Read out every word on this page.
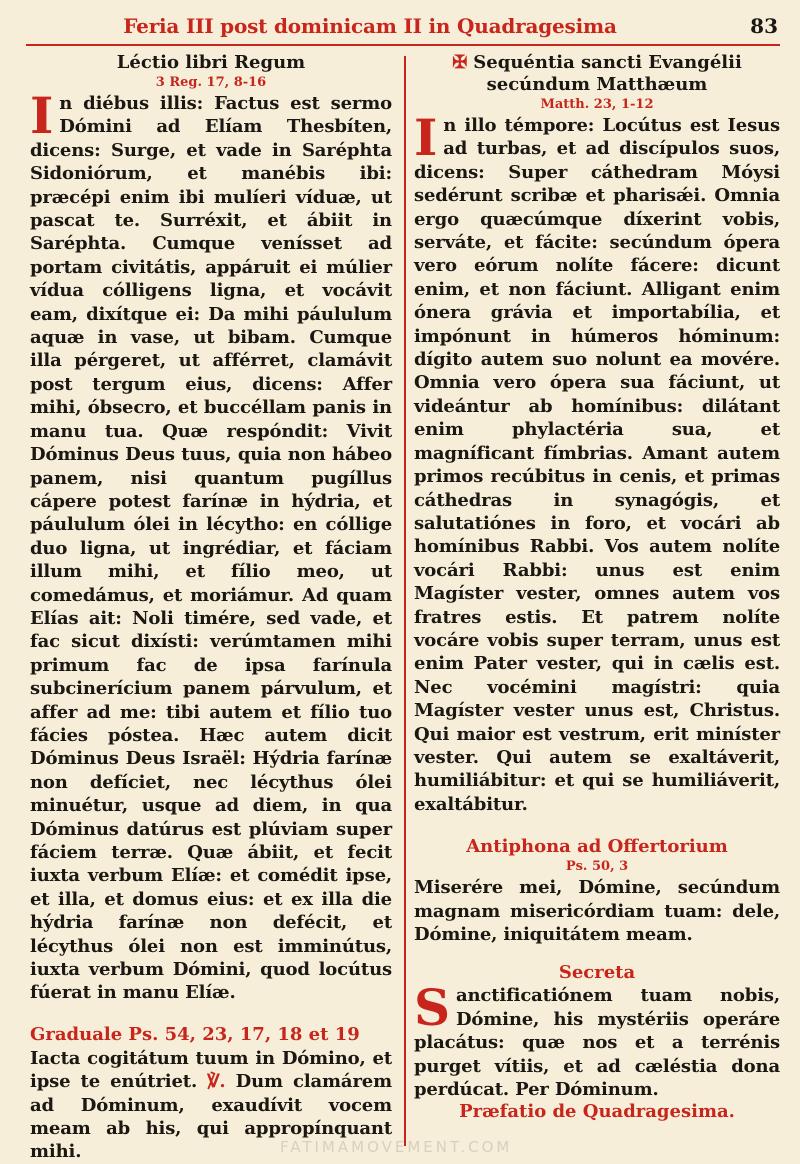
Feria III post dominicam II in Quadragesima	83
Léctio libri Regum
3 Reg. 17, 8-16
In diébus illis: Factus est sermo Dómini ad Elíam Thesbíten, dicens: Surge, et vade in Saréphta Sidoniórum, et manébis ibi: præcépi enim ibi mulíeri víduæ, ut pascat te. Surréxit, et ábiit in Saréphta. Cumque venísset ad portam civitátis, appáruit ei múlier vídua cólligens ligna, et vocávit eam, dixítque ei: Da mihi páululum aquæ in vase, ut bibam. Cumque illa pérgeret, ut afférret, clamávit post tergum eius, dicens: Affer mihi, óbsecro, et buccéllam panis in manu tua. Quæ respóndit: Vivit Dóminus Deus tuus, quia non hábeo panem, nisi quantum pugíllus cápere potest farínæ in hýdria, et páululum ólei in lécytho: en cóllige duo ligna, ut ingrédiar, et fáciam illum mihi, et fílio meo, ut comedámus, et moriámur. Ad quam Elías ait: Noli timére, sed vade, et fac sicut dixísti: verúmtamen mihi primum fac de ipsa farínula subcinerícium panem párvulum, et affer ad me: tibi autem et fílio tuo fácies póstea. Hæc autem dicit Dóminus Deus Israël: Hýdria farínæ non defíciet, nec lécythus ólei minuétur, usque ad diem, in qua Dóminus datúrus est plúviam super fáciem terræ. Quæ ábiit, et fecit iuxta verbum Elíæ: et comédit ipse, et illa, et domus eius: et ex illa die hýdria farínæ non defécit, et lécythus ólei non est imminútus, iuxta verbum Dómini, quod locútus fúerat in manu Elíæ.
Graduale Ps. 54, 23, 17, 18 et 19
Iacta cogitátum tuum in Dómino, et ipse te enútriet. ℣. Dum clamárem ad Dóminum, exaudívit vocem meam ab his, qui appropínquant mihi.
✠ Sequéntia sancti Evangélii secúndum Matthæum
Matth. 23, 1-12
In illo témpore: Locútus est Iesus ad turbas, et ad discípulos suos, dicens: Super cáthedram Móysi sedérunt scribæ et pharisǽi. Omnia ergo quæcúmque díxerint vobis, serváte, et fácite: secúndum ópera vero eórum nolíte fácere: dicunt enim, et non fáciunt. Alligant enim ónera grávia et importabília, et impónunt in húmeros hóminum: dígito autem suo nolunt ea movére. Omnia vero ópera sua fáciunt, ut videántur ab homínibus: dilátant enim phylactéria sua, et magníficant fímbrias. Amant autem primos recúbitus in cenis, et primas cáthedras in synagógis, et salutatiónes in foro, et vocári ab homínibus Rabbi. Vos autem nolíte vocári Rabbi: unus est enim Magíster vester, omnes autem vos fratres estis. Et patrem nolíte vocáre vobis super terram, unus est enim Pater vester, qui in cælis est. Nec vocémini magístri: quia Magíster vester unus est, Christus. Qui maior est vestrum, erit miníster vester. Qui autem se exaltáverit, humiliábitur: et qui se humiliáverit, exaltábitur.
Antiphona ad Offertorium
Ps. 50, 3
Miserére mei, Dómine, secúndum magnam misericórdiam tuam: dele, Dómine, iniquitátem meam.
Secreta
Sanctificatiónem tuam nobis, Dómine, his mystériis operáre placátus: quæ nos et a terrénis purget vítiis, et ad cæléstia dona perdúcat. Per Dóminum.
Præfatio de Quadragesima.
FATIMAMOVEMENT.COM
